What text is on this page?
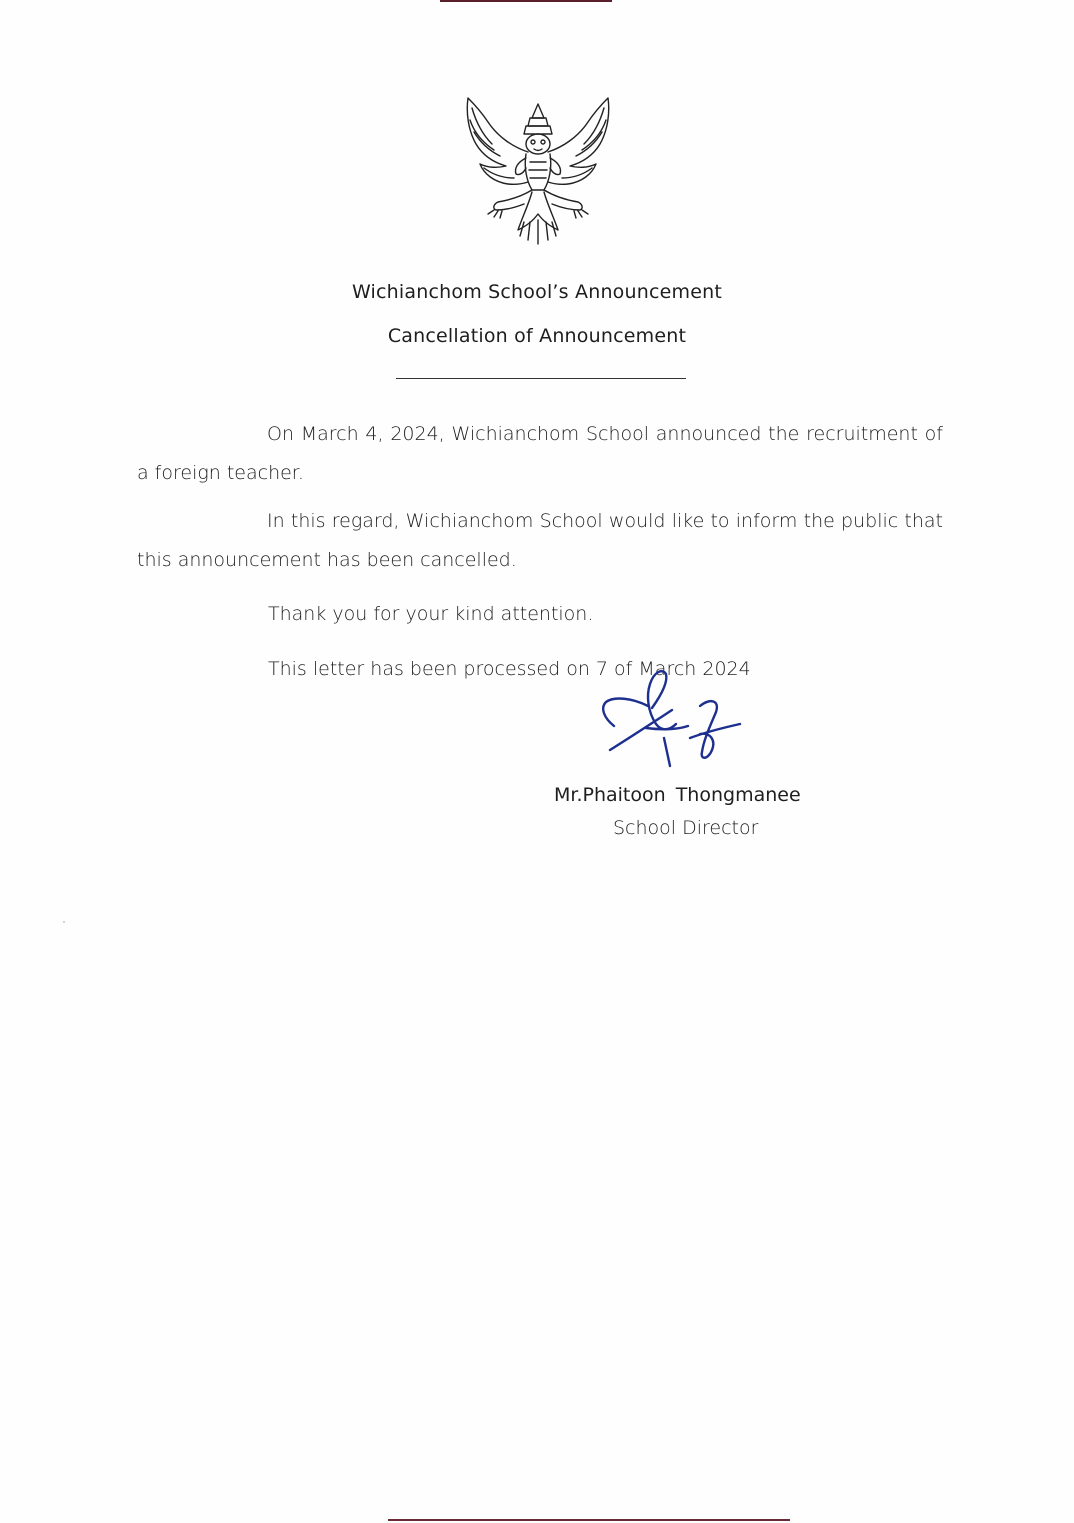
Wichianchom School’s Announcement
Cancellation of Announcement
On March 4, 2024, Wichianchom School announced the recruitment of a foreign teacher.
In this regard, Wichianchom School would like to inform the public that this announcement has been cancelled.
Thank you for your kind attention.
This letter has been processed on 7 of March 2024
Mr.Phaitoon Thongmanee
School Director
